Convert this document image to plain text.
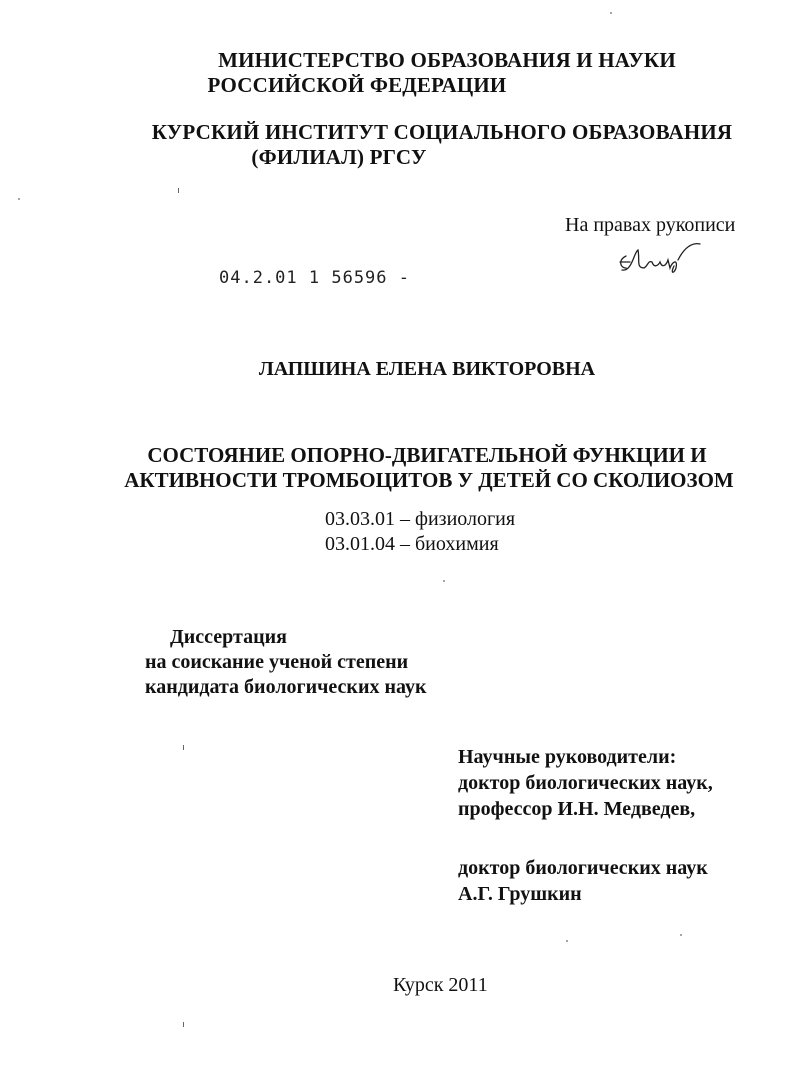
МИНИСТЕРСТВО ОБРАЗОВАНИЯ И НАУКИ
РОССИЙСКОЙ ФЕДЕРАЦИИ
КУРСКИЙ ИНСТИТУТ СОЦИАЛЬНОГО ОБРАЗОВАНИЯ
(ФИЛИАЛ) РГСУ
На правах рукописи
04.2.01 1 56596 -
ЛАПШИНА ЕЛЕНА ВИКТОРОВНА
СОСТОЯНИЕ ОПОРНО-ДВИГАТЕЛЬНОЙ ФУНКЦИИ И
АКТИВНОСТИ ТРОМБОЦИТОВ У ДЕТЕЙ СО СКОЛИОЗОМ
03.03.01 – физиология
03.01.04 – биохимия
Диссертация
на соискание ученой степени
кандидата биологических наук
Научные руководители:
доктор биологических наук,
профессор И.Н. Медведев,
доктор биологических наук
А.Г. Грушкин
Курск 2011
